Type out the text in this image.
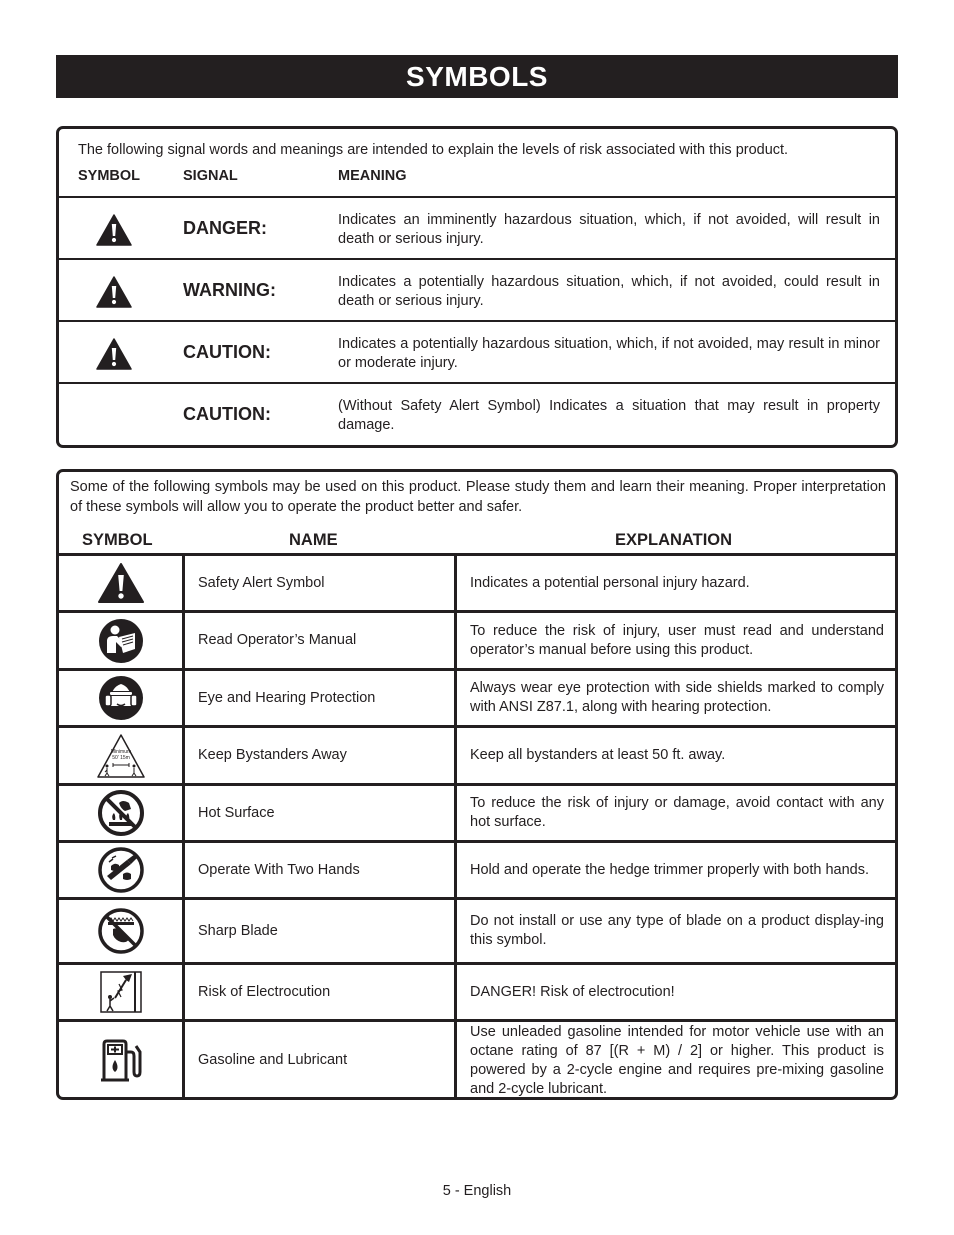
SYMBOLS
The following signal words and meanings are intended to explain the levels of risk associated with this product.
SYMBOL	SIGNAL	MEANING
DANGER:	Indicates an imminently hazardous situation, which, if not avoided, will result in death or serious injury.
WARNING:	Indicates a potentially hazardous situation, which, if not avoided, could result in death or serious injury.
CAUTION:	Indicates a potentially hazardous situation, which, if not avoided, may result in minor or moderate injury.
CAUTION:	(Without Safety Alert Symbol) Indicates a situation that may result in property damage.
Some of the following symbols may be used on this product. Please study them and learn their meaning. Proper interpretation of these symbols will allow you to operate the product better and safer.
SYMBOL	NAME	EXPLANATION
	Safety Alert Symbol	Indicates a potential personal injury hazard.

	Read Operator’s Manual	To reduce the risk of injury, user must read and understand operator’s manual before using this product.

	Eye and Hearing Protection	Always wear eye protection with side shields marked to comply with ANSI Z87.1, along with hearing protection.

Minimum
50’ 15m	Keep Bystanders Away	Keep all bystanders at least 50 ft. away.

	Hot Surface	To reduce the risk of injury or damage, avoid contact with any hot surface.

	Operate With Two Hands	Hold and operate the hedge trimmer properly with both hands.

	Sharp Blade	Do not install or use any type of blade on a product display-ing this symbol.

	Risk of Electrocution	DANGER! Risk of electrocution!

	Gasoline and Lubricant	Use unleaded gasoline intended for motor vehicle use with an octane rating of 87 [(R + M) / 2] or higher. This product is powered by a 2-cycle engine and requires pre-mixing gasoline and 2-cycle lubricant.
5 - English
